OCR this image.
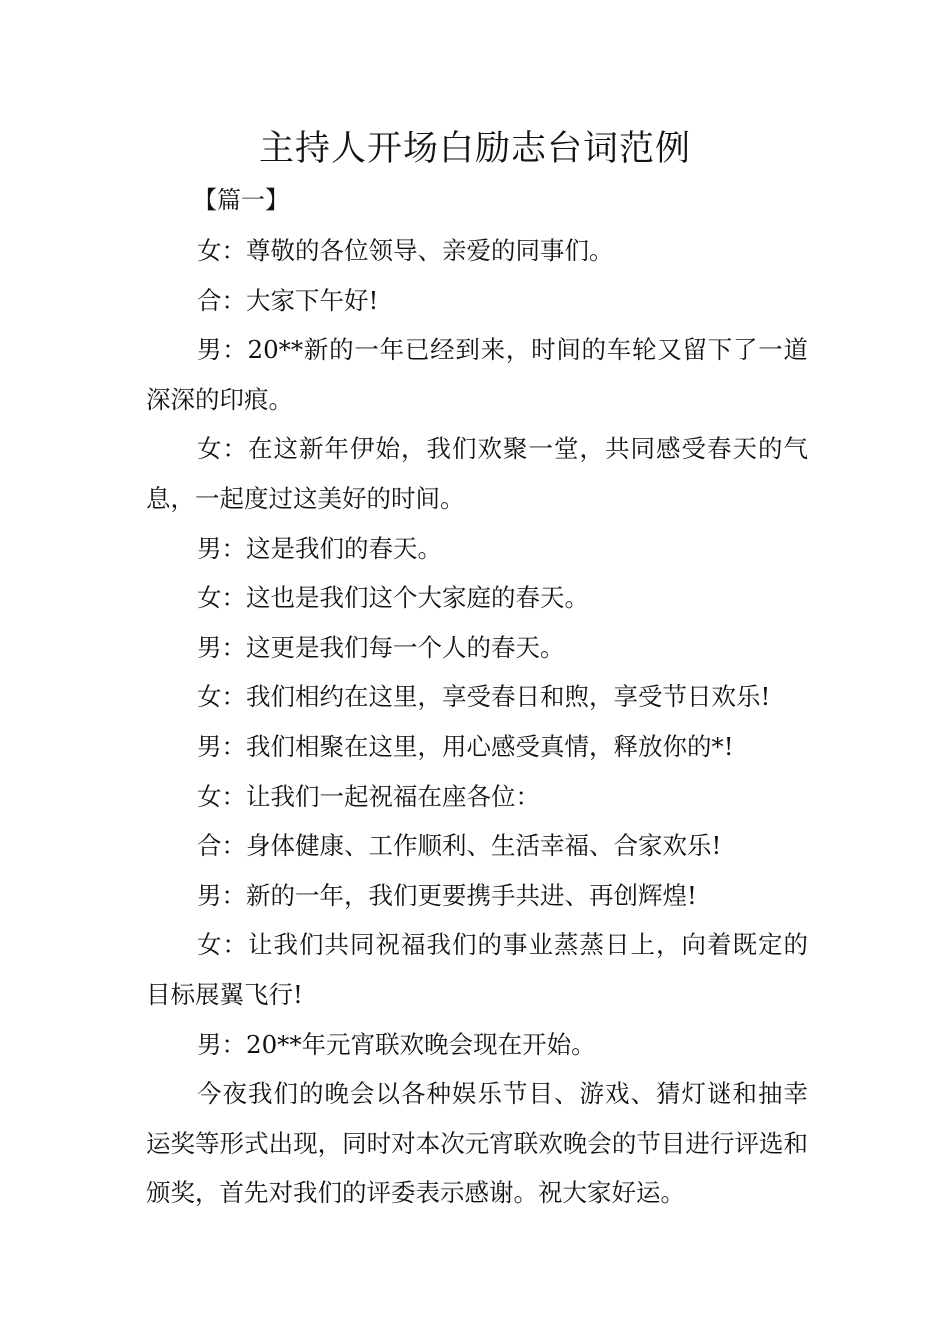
主持人开场白励志台词范例
【篇一】

女：尊敬的各位领导、亲爱的同事们。

合：大家下午好!

男：20**新的一年已经到来，时间的车轮又留下了一道深深的印痕。

女：在这新年伊始，我们欢聚一堂，共同感受春天的气息，一起度过这美好的时间。

男：这是我们的春天。

女：这也是我们这个大家庭的春天。

男：这更是我们每一个人的春天。

女：我们相约在这里，享受春日和煦，享受节日欢乐!

男：我们相聚在这里，用心感受真情，释放你的*!

女：让我们一起祝福在座各位：

合：身体健康、工作顺利、生活幸福、合家欢乐!

男：新的一年，我们更要携手共进、再创辉煌!

女：让我们共同祝福我们的事业蒸蒸日上，向着既定的目标展翼飞行!

男：20**年元宵联欢晚会现在开始。

今夜我们的晚会以各种娱乐节目、游戏、猜灯谜和抽幸运奖等形式出现，同时对本次元宵联欢晚会的节目进行评选和颁奖，首先对我们的评委表示感谢。祝大家好运。
